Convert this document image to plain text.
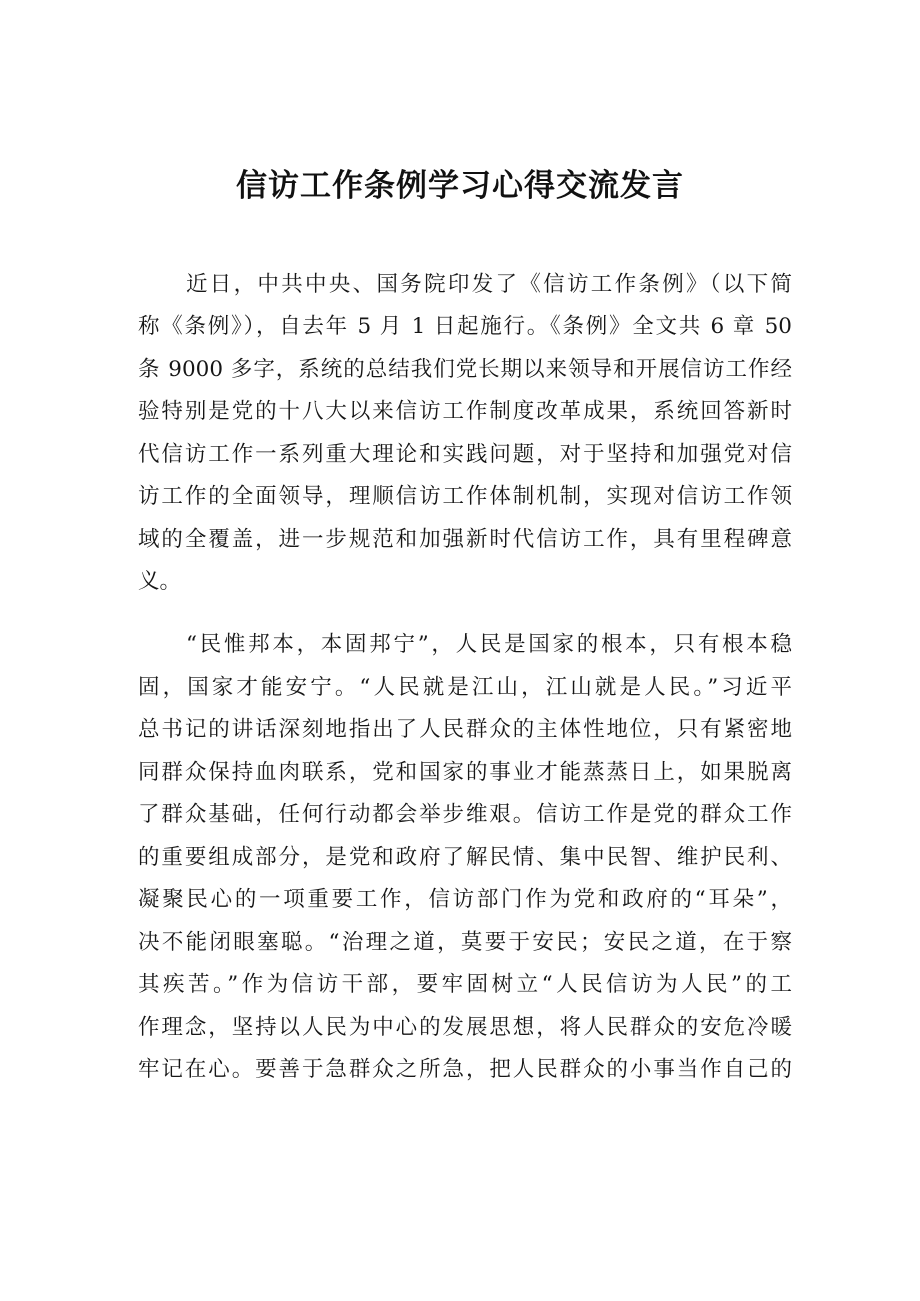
信访工作条例学习心得交流发言
近日，中共中央、国务院印发了《信访工作条例》（以下简
称《条例》），自去年 5 月 1 日起施行。《条例》全文共 6 章 50
条 9000 多字，系统的总结我们党长期以来领导和开展信访工作经
验特别是党的十八大以来信访工作制度改革成果，系统回答新时
代信访工作一系列重大理论和实践问题，对于坚持和加强党对信
访工作的全面领导，理顺信访工作体制机制，实现对信访工作领
域的全覆盖，进一步规范和加强新时代信访工作，具有里程碑意
义。
“民惟邦本，本固邦宁”，人民是国家的根本，只有根本稳
固，国家才能安宁。“人民就是江山，江山就是人民。”习近平
总书记的讲话深刻地指出了人民群众的主体性地位，只有紧密地
同群众保持血肉联系，党和国家的事业才能蒸蒸日上，如果脱离
了群众基础，任何行动都会举步维艰。信访工作是党的群众工作
的重要组成部分，是党和政府了解民情、集中民智、维护民利、
凝聚民心的一项重要工作，信访部门作为党和政府的“耳朵”，
决不能闭眼塞聪。“治理之道，莫要于安民；安民之道，在于察
其疾苦。”作为信访干部，要牢固树立“人民信访为人民”的工
作理念，坚持以人民为中心的发展思想，将人民群众的安危冷暖
牢记在心。要善于急群众之所急，把人民群众的小事当作自己的
